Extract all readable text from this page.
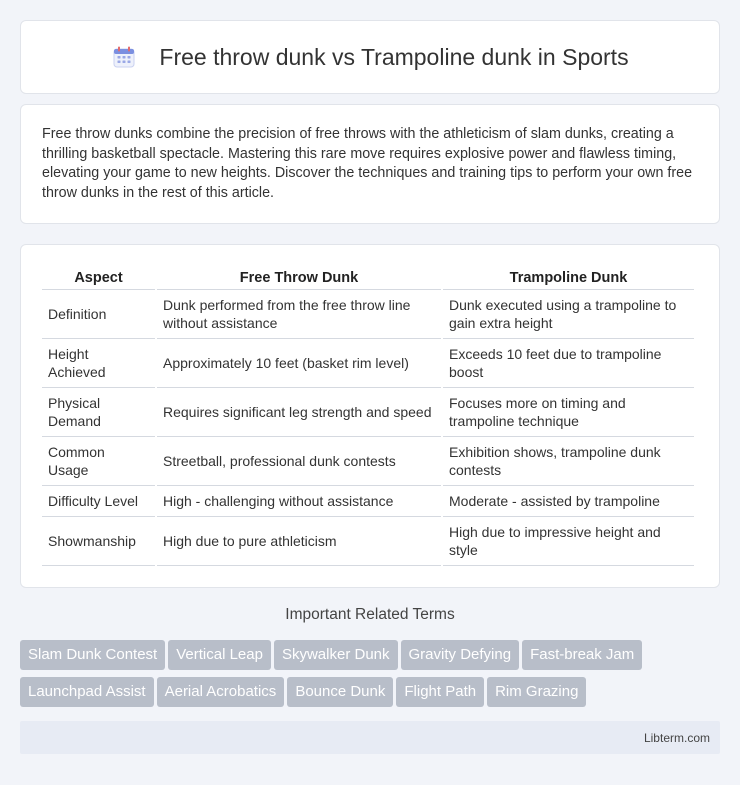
Free throw dunk vs Trampoline dunk in Sports

Free throw dunks combine the precision of free throws with the athleticism of slam dunks, creating a thrilling basketball spectacle. Mastering this rare move requires explosive power and flawless timing, elevating your game to new heights. Discover the techniques and training tips to perform your own free throw dunks in the rest of this article.

Aspect	Free Throw Dunk	Trampoline Dunk
Definition	Dunk performed from the free throw line without assistance	Dunk executed using a trampoline to gain extra height
Height Achieved	Approximately 10 feet (basket rim level)	Exceeds 10 feet due to trampoline boost
Physical Demand	Requires significant leg strength and speed	Focuses more on timing and trampoline technique
Common Usage	Streetball, professional dunk contests	Exhibition shows, trampoline dunk contests
Difficulty Level	High - challenging without assistance	Moderate - assisted by trampoline
Showmanship	High due to pure athleticism	High due to impressive height and style
Important Related Terms
Slam Dunk Contest Vertical Leap Skywalker Dunk Gravity Defying Fast-break Jam
Launchpad Assist Aerial Acrobatics Bounce Dunk Flight Path Rim Grazing
Libterm.com
